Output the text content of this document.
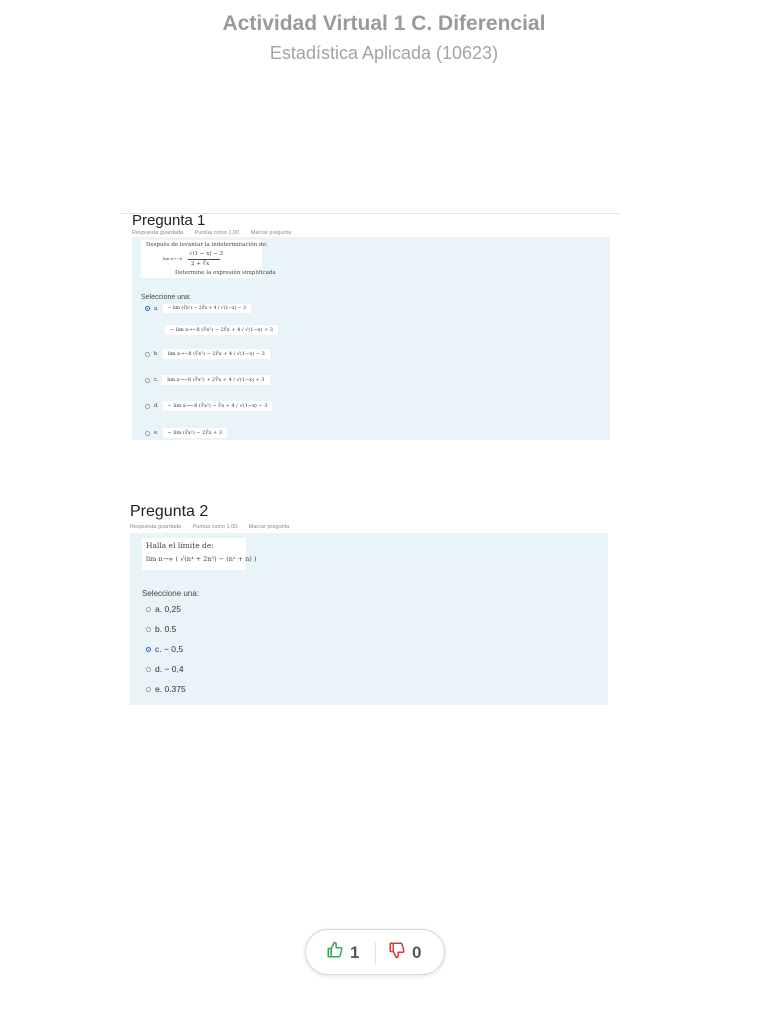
Actividad Virtual 1 C. Diferencial
Estadística Aplicada (10623)
Pregunta 1
Respuesta guardada Puntúa como 1,00 Marcar pregunta
Después de levantar la indeterminación de:
lim x→−8
√(1 − x) − 3
2 + ∛x
Determine la expresión simplificada
Seleccione una:
a.	− lim (∛x²) − 2∛x + 4 / √(1−x) − 3
− lim x→−8 (∛x²) − 2∛x + 4 / √(1−x) + 3
b.	lim x→−8 (∛x²) − 2∛x + 4 / √(1−x) − 3
c.	lim x→−8 (∛x²) + 2∛x + 4 / √(1−x) + 3
d.	− lim x→−8 (∛x²) − ∛x + 4 / √(1−x) − 3
e.	− lim (∛x²) − 2∛x + 3
Pregunta 2
Respuesta guardada Puntúa como 1,00 Marcar pregunta
Halla el límite de:
lim n→∞ ( √(n⁴ + 2n³) − (n² + n) )
Seleccione una:
a. 0,25
b. 0.5
c. − 0,5
d. − 0,4
e. 0.375
1	0
